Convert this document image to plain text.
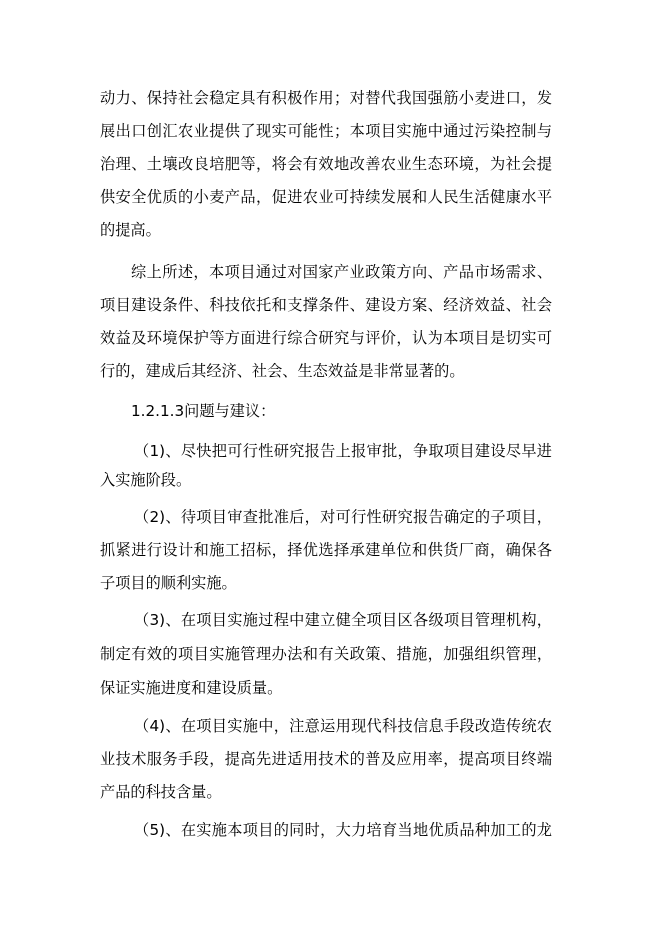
动力、保持社会稳定具有积极作用；对替代我国强筋小麦进口，发
展出口创汇农业提供了现实可能性；本项目实施中通过污染控制与
治理、土壤改良培肥等，将会有效地改善农业生态环境，为社会提
供安全优质的小麦产品，促进农业可持续发展和人民生活健康水平
的提高。
综上所述，本项目通过对国家产业政策方向、产品市场需求、
项目建设条件、科技依托和支撑条件、建设方案、经济效益、社会
效益及环境保护等方面进行综合研究与评价，认为本项目是切实可
行的，建成后其经济、社会、生态效益是非常显著的。
1.2.1.3问题与建议：
（1)、尽快把可行性研究报告上报审批，争取项目建设尽早进
入实施阶段。
（2)、待项目审查批准后，对可行性研究报告确定的子项目，
抓紧进行设计和施工招标，择优选择承建单位和供货厂商，确保各
子项目的顺利实施。
（3)、在项目实施过程中建立健全项目区各级项目管理机构，
制定有效的项目实施管理办法和有关政策、措施，加强组织管理，
保证实施进度和建设质量。
（4)、在项目实施中，注意运用现代科技信息手段改造传统农
业技术服务手段，提高先进适用技术的普及应用率，提高项目终端
产品的科技含量。
（5)、在实施本项目的同时，大力培育当地优质品种加工的龙
